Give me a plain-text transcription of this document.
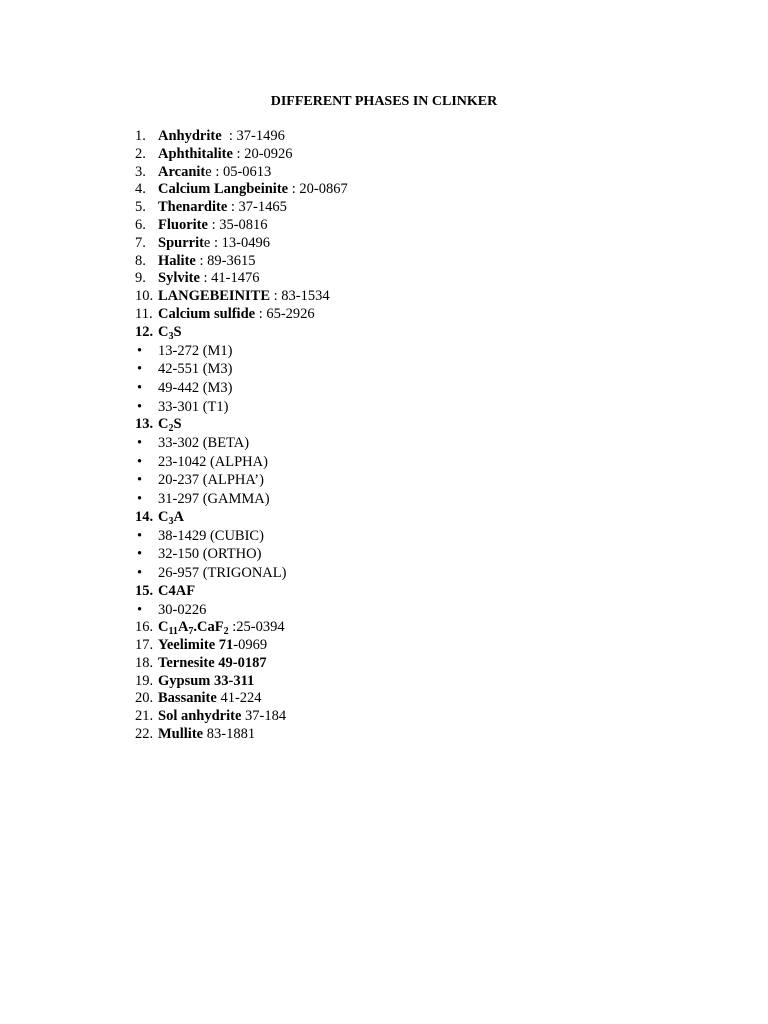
DIFFERENT PHASES IN CLINKER
1. Anhydrite  : 37-1496
2. Aphthitalite : 20-0926
3. Arcanite : 05-0613
4. Calcium Langbeinite : 20-0867
5. Thenardite : 37-1465
6. Fluorite : 35-0816
7. Spurrite : 13-0496
8. Halite : 89-3615
9. Sylvite : 41-1476
10. LANGEBEINITE : 83-1534
11. Calcium sulfide : 65-2926
12. $C_3S$
• 13-272 (M1)
• 42-551 (M3)
• 49-442 (M3)
• 33-301 (T1)
13. $C_2S$
• 33-302 (BETA)
• 23-1042 (ALPHA)
• 20-237 (ALPHA’)
• 31-297 (GAMMA)
14. $C_3A$
• 38-1429 (CUBIC)
• 32-150 (ORTHO)
• 26-957 (TRIGONAL)
15. C4AF
• 30-0226
16. $C_{11}A_7.CaF_2$ :25-0394
17. Yeelimite 71-0969
18. Ternesite 49-0187
19. Gypsum 33-311
20. Bassanite 41-224
21. Sol anhydrite 37-184
22. Mullite 83-1881
